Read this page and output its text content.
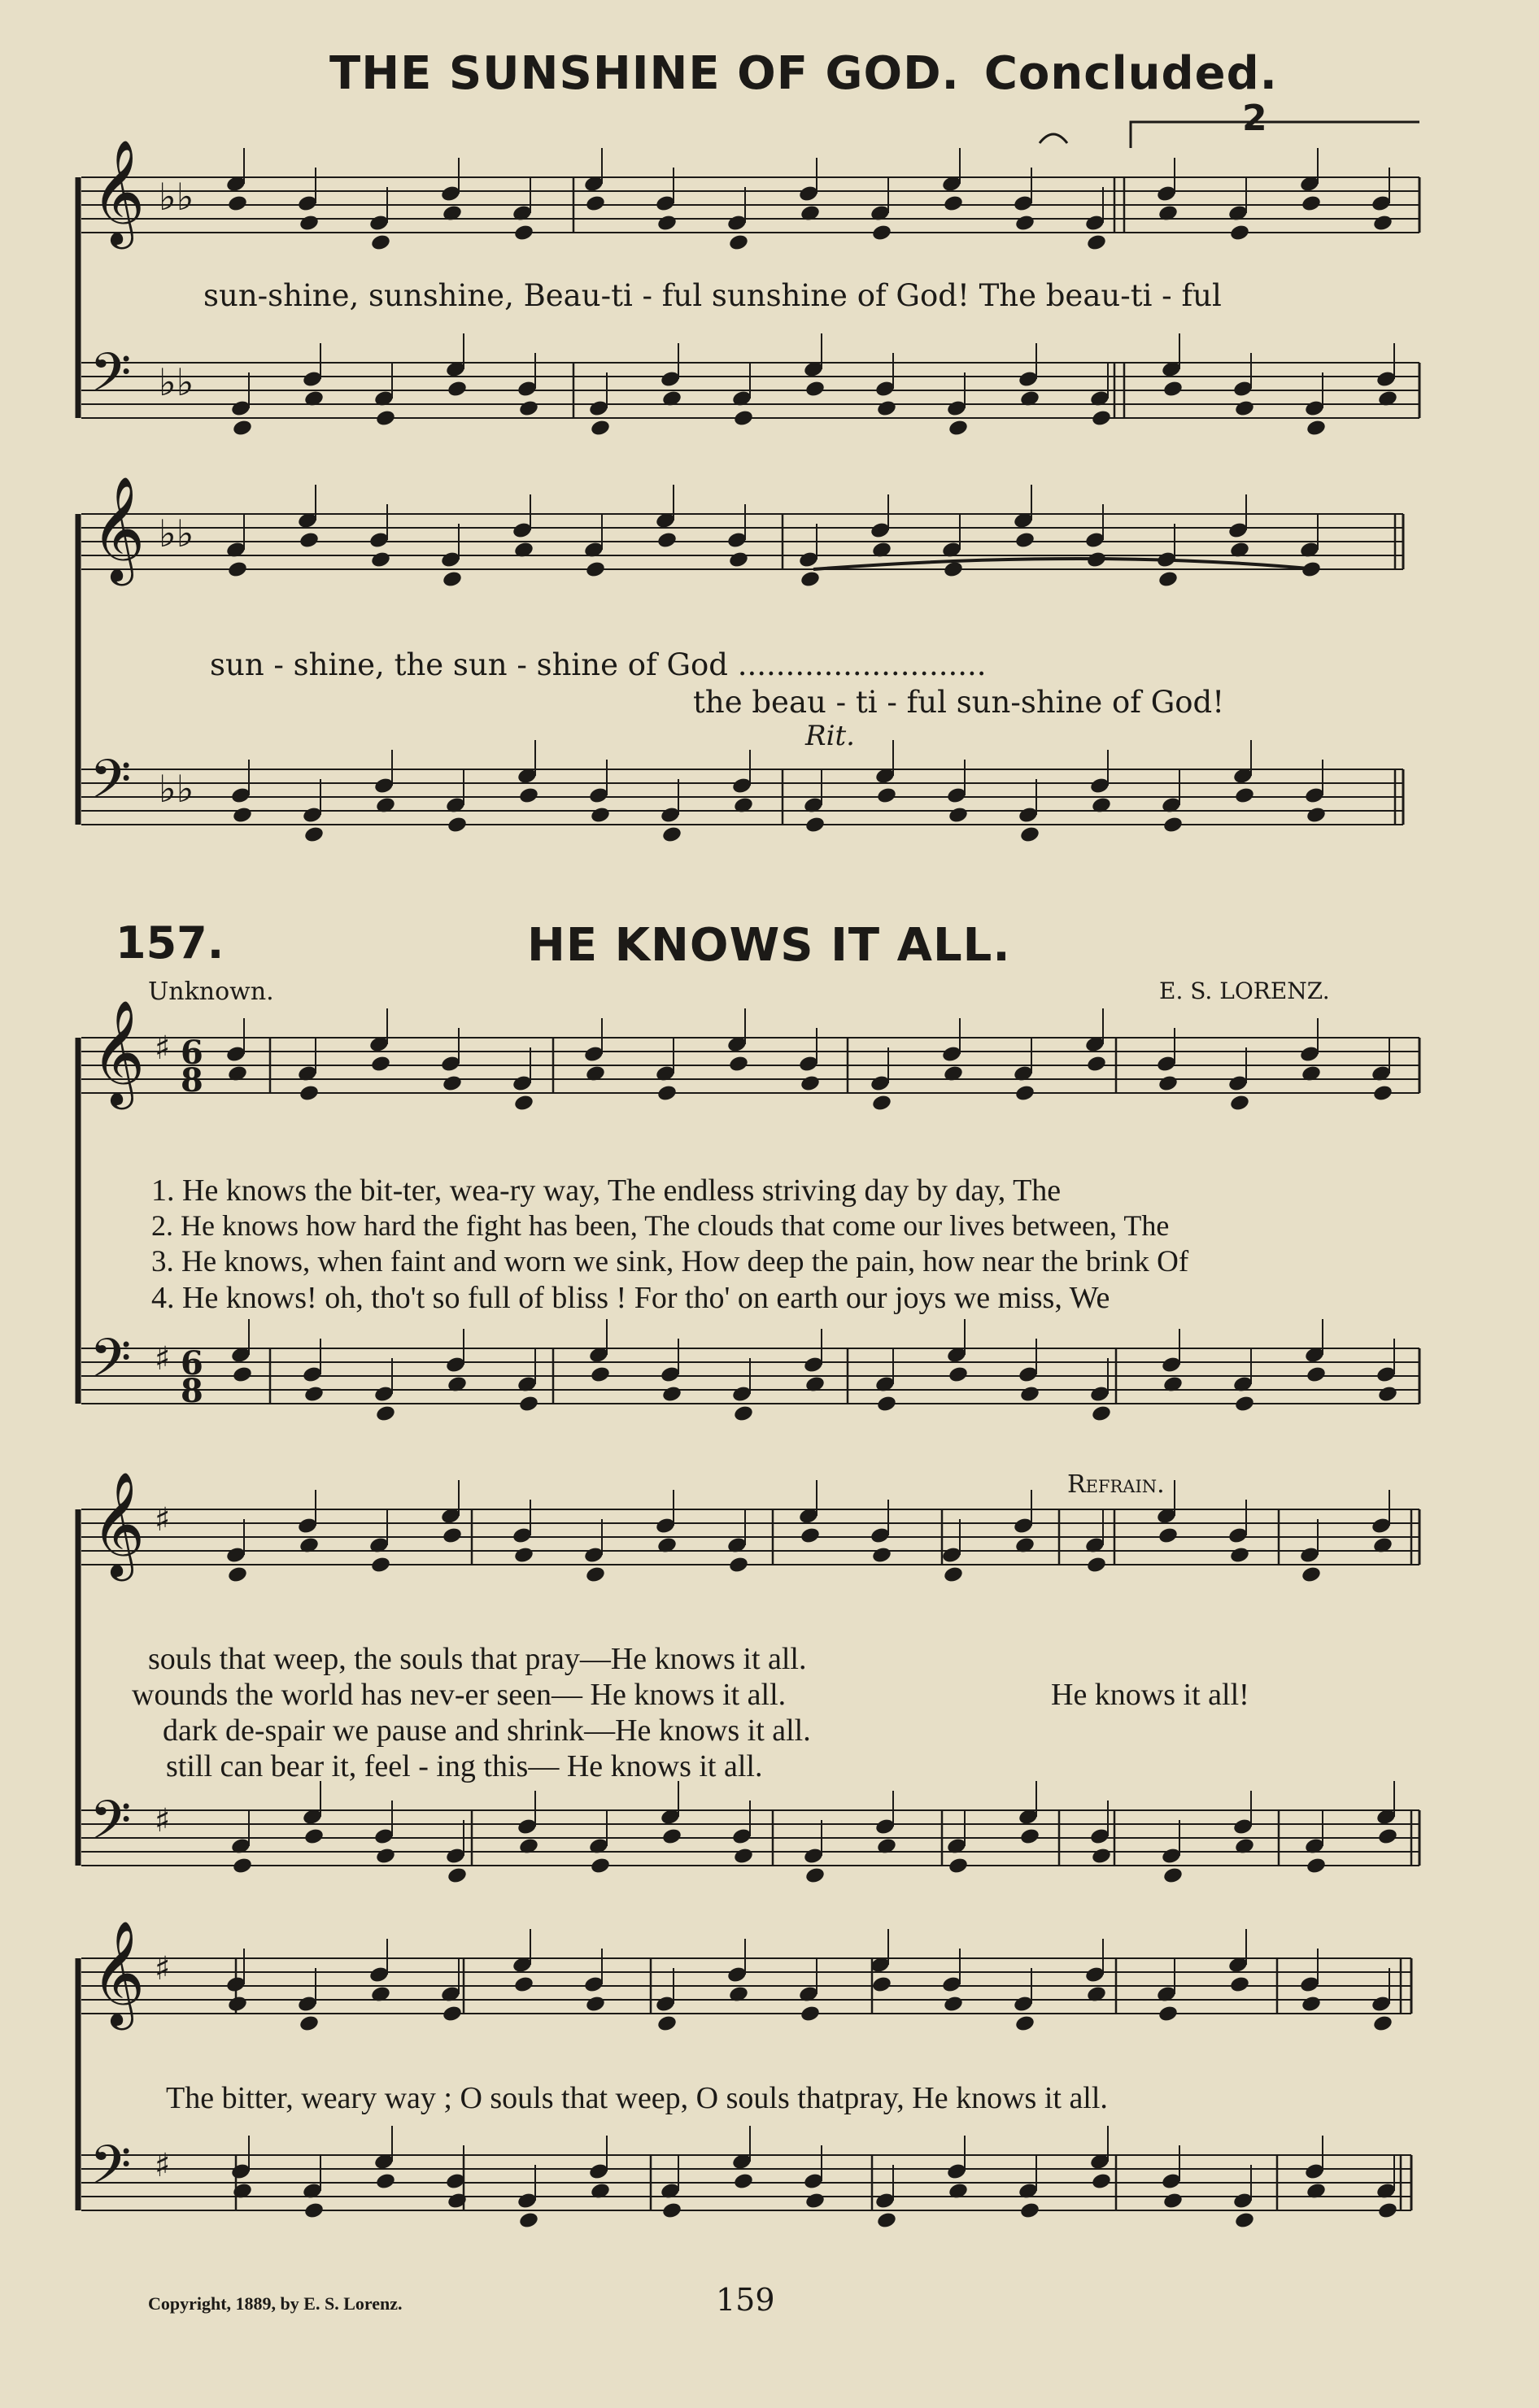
THE SUNSHINE OF GOD. Concluded.
2
𝄞
𝄢
𝄞
𝄢
𝄞
𝄢
𝄞
𝄢
𝄞
𝄢
♭♭
♭♭
♭♭
♭♭
♯
♯
♯
♯
♯
♯
6
8
6
8
sun-shine, sunshine, Beau-ti - ful sunshine of God! The beau-ti - ful
sun - shine, the sun - shine of God ..........................
the beau - ti - ful sun-shine of God!
Rit.
157.	HE KNOWS IT ALL.
Unknown.	E. S. LORENZ.
1. He knows the bit-ter, wea-ry way, The endless striving day by day, The
2. He knows how hard the fight has been, The clouds that come our lives between, The
3. He knows, when faint and worn we sink, How deep the pain, how near the brink Of
4. He knows! oh, tho't so full of bliss ! For tho' on earth our joys we miss, We
Refrain.
souls that weep, the souls that pray—He knows it all.
wounds the world has nev-er seen— He knows it all.
dark de-spair we pause and shrink—He knows it all.
still can bear it, feel - ing this— He knows it all.
He knows it all!
The bitter, weary way ; O souls that weep, O souls thatpray, He knows it all.
Copyright, 1889, by E. S. Lorenz.	159
